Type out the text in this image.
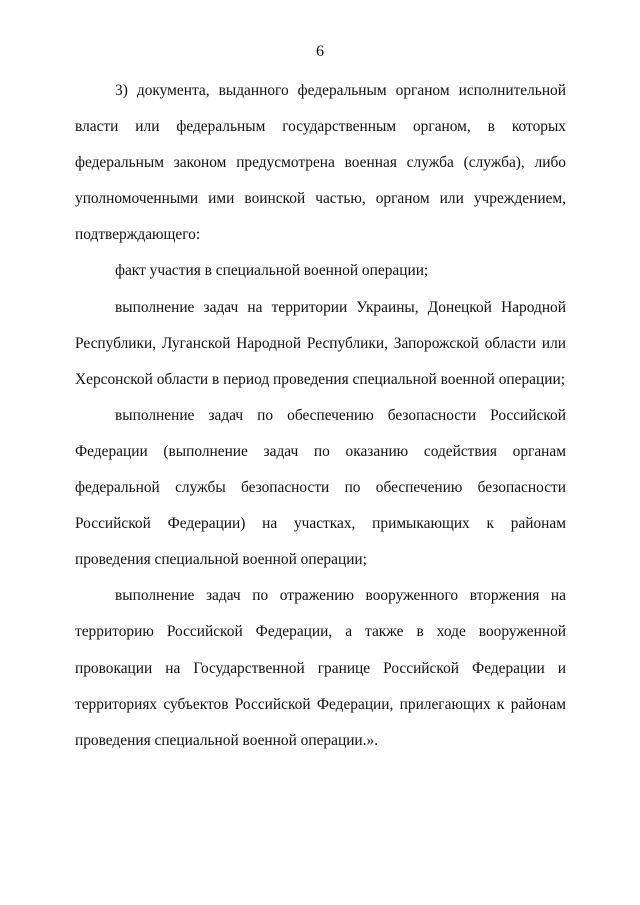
6

3) документа, выданного федеральным органом исполнительной власти или федеральным государственным органом, в которых федеральным законом предусмотрена военная служба (служба), либо уполномоченными ими воинской частью, органом или учреждением, подтверждающего:

факт участия в специальной военной операции;

выполнение задач на территории Украины, Донецкой Народной Республики, Луганской Народной Республики, Запорожской области или Херсонской области в период проведения специальной военной операции;

выполнение задач по обеспечению безопасности Российской Федерации (выполнение задач по оказанию содействия органам федеральной службы безопасности по обеспечению безопасности Российской Федерации) на участках, примыкающих к районам проведения специальной военной операции;

выполнение задач по отражению вооруженного вторжения на территорию Российской Федерации, а также в ходе вооруженной провокации на Государственной границе Российской Федерации и территориях субъектов Российской Федерации, прилегающих к районам проведения специальной военной операции.».
